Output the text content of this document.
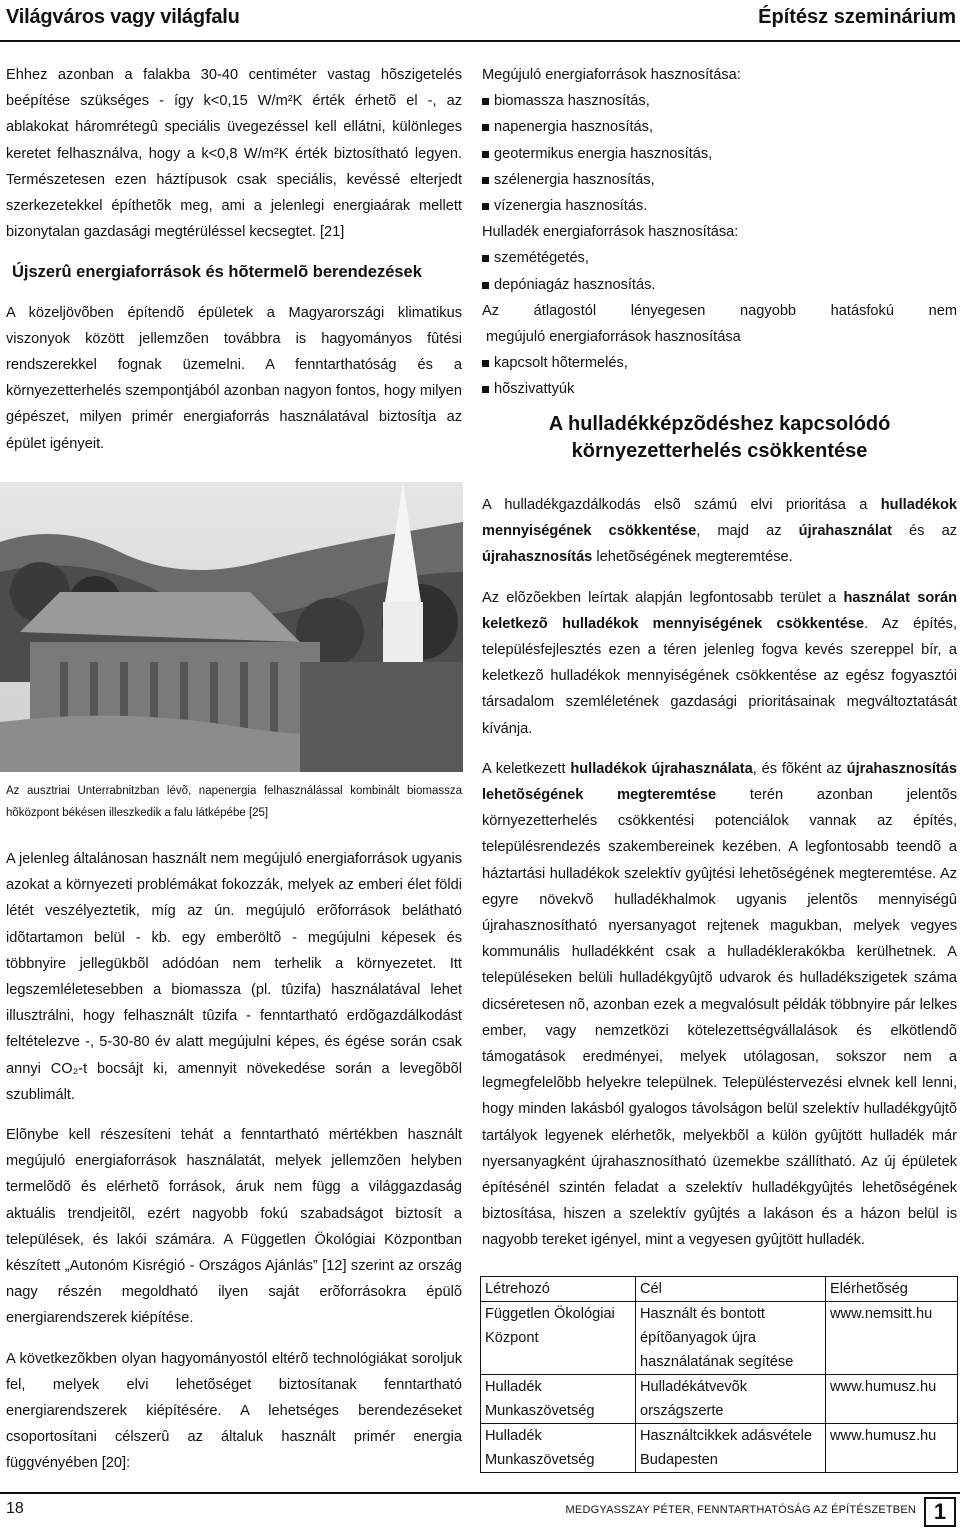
Világváros vagy világfalu	Építész szeminárium

Ehhez azonban a falakba 30-40 centiméter vastag hõszigetelés beépítése szükséges - így k<0,15 W/m²K érték érhetõ el -, az ablakokat háromrétegû speciális üvegezéssel kell ellátni, különleges keretet felhasználva, hogy a k<0,8 W/m²K érték biztosítható legyen. Természetesen ezen háztípusok csak speciális, kevéssé elterjedt szerkezetekkel építhetõk meg, ami a jelenlegi energiaárak mellett bizonytalan gazdasági megtérüléssel kecsegtet. [21]

Újszerû energiaforrások és hõtermelõ berendezések

A közeljövõben építendõ épületek a Magyarországi klimatikus viszonyok között jellemzõen továbbra is hagyományos fûtési rendszerekkel fognak üzemelni. A fenntarthatóság és a környezetterhelés szempontjából azonban nagyon fontos, hogy milyen gépészet, milyen primér energiaforrás használatával biztosítja az épület igényeit.

Az ausztriai Unterrabnitzban lévõ, napenergia felhasználással kombinált biomassza hõközpont békésen illeszkedik a falu látképébe [25]

A jelenleg általánosan használt nem megújuló energiaforrások ugyanis azokat a környezeti problémákat fokozzák, melyek az emberi élet földi létét veszélyeztetik, míg az ún. megújuló erõforrások belátható idõtartamon belül - kb. egy emberöltõ - megújulni képesek és többnyire jellegükbõl adódóan nem terhelik a környezetet. Itt legszemléletesebben a biomassza (pl. tûzifa) használatával lehet illusztrálni, hogy felhasznált tûzifa - fenntartható erdõgazdálkodást feltételezve -, 5-30-80 év alatt megújulni képes, és égése során csak annyi CO₂-t bocsájt ki, amennyit növekedése során a levegõbõl szublimált.

Elõnybe kell részesíteni tehát a fenntartható mértékben használt megújuló energiaforrások használatát, melyek jellemzõen helyben termelõdõ és elérhetõ források, áruk nem függ a világgazdaság aktuális trendjeitõl, ezért nagyobb fokú szabadságot biztosít a települések, és lakói számára. A Független Ökológiai Központban készített „Autonóm Kisrégió - Országos Ajánlás” [12] szerint az ország nagy részén megoldható ilyen saját erõforrásokra épülõ energiarendszerek kiépítése.

A következõkben olyan hagyományostól eltérõ technológiákat soroljuk fel, melyek elvi lehetõséget biztosítanak fenntartható energiarendszerek kiépítésére. A lehetséges berendezéseket csoportosítani célszerû az általuk használt primér energia függvényében [20]:

Megújuló energiaforrások hasznosítása:
biomassza hasznosítás,
napenergia hasznosítás,
geotermikus energia hasznosítás,
szélenergia hasznosítás,
vízenergia hasznosítás.
Hulladék energiaforrások hasznosítása:
szemétégetés,
depóniagáz hasznosítás.
Az átlagostól lényegesen nagyobb hatásfokú nem
megújuló energiaforrások hasznosítása
kapcsolt hõtermelés,
hõszivattyúk
A hulladékképzõdéshez kapcsolódó
környezetterhelés csökkentése

A hulladékgazdálkodás elsõ számú elvi prioritása a hulladékok mennyiségének csökkentése, majd az újrahasználat és az újrahasznosítás lehetõségének megteremtése.

Az elõzõekben leírtak alapján legfontosabb terület a használat során keletkezõ hulladékok mennyiségének csökkentése. Az építés, településfejlesztés ezen a téren jelenleg fogva kevés szereppel bír, a keletkezõ hulladékok mennyiségének csökkentése az egész fogyasztói társadalom szemléletének gazdasági prioritásainak megváltoztatását kívánja.

A keletkezett hulladékok újrahasználata, és fõként az újrahasznosítás lehetõségének megteremtése terén azonban jelentõs környezetterhelés csökkentési potenciálok vannak az építés, településrendezés szakembereinek kezében. A legfontosabb teendõ a háztartási hulladékok szelektív gyûjtési lehetõségének megteremtése. Az egyre növekvõ hulladékhalmok ugyanis jelentõs mennyiségû újrahasznosítható nyersanyagot rejtenek magukban, melyek vegyes kommunális hulladékként csak a hulladéklerakókba kerülhetnek. A településeken belüli hulladékgyûjtõ udvarok és hulladékszigetek száma dicséretesen nõ, azonban ezek a megvalósult példák többnyire pár lelkes ember, vagy nemzetközi kötelezettségvállalások és elkötlendõ támogatások eredményei, melyek utólagosan, sokszor nem a legmegfelelõbb helyekre települnek. Településtervezési elvnek kell lenni, hogy minden lakásból gyalogos távolságon belül szelektív hulladékgyûjtõ tartályok legyenek elérhetõk, melyekbõl a külön gyûjtött hulladék már nyersanyagként újrahasznosítható üzemekbe szállítható. Az új épületek építésénél szintén feladat a szelektív hulladékgyûjtés lehetõségének biztosítása, hiszen a szelektív gyûjtés a lakáson és a házon belül is nagyobb tereket igényel, mint a vegyesen gyûjtött hulladék.

Létrehozó	Cél	Elérhetõség
Független Ökológiai Központ	Használt és bontott építõanyagok újra használatának segítése	www.nemsitt.hu
Hulladék Munkaszövetség	Hulladékátvevõk országszerte	www.humusz.hu
Hulladék Munkaszövetség	Használtcikkek adásvétele Budapesten	www.humusz.hu
18	MEDGYASSZAY PÉTER, FENNTARTHATÓSÁG AZ ÉPÍTÉSZETBEN 1
